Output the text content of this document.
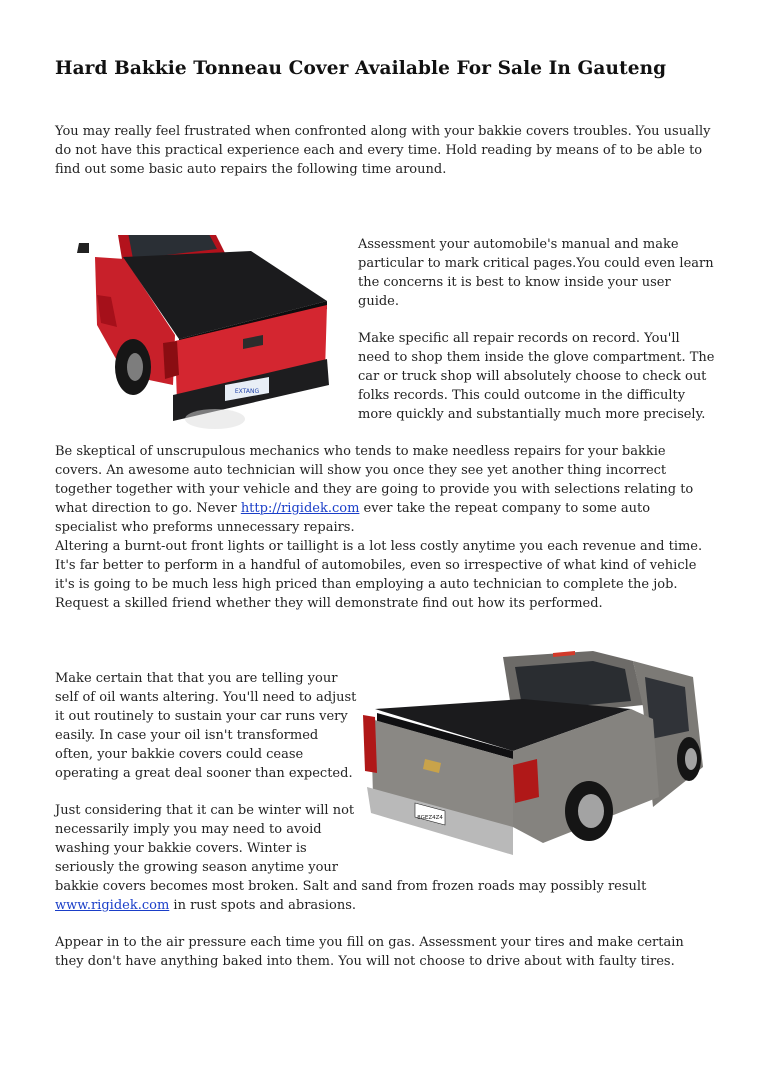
Hard Bakkie Tonneau Cover Available For Sale In Gauteng

You may really feel frustrated when confronted along with your bakkie covers troubles. You usually do not have this practical experience each and every time. Hold reading by means of to be able to find out some basic auto repairs the following time around.

EXTANG

Assessment your automobile's manual and make particular to mark critical pages.You could even learn the concerns it is best to know inside your user guide.

Make specific all repair records on record. You'll need to shop them inside the glove compartment. The car or truck shop will absolutely choose to check out folks records. This could outcome in the difficulty more quickly and substantially much more precisely.

Be skeptical of unscrupulous mechanics who tends to make needless repairs for your bakkie covers. An awesome auto technician will show you once they see yet another thing incorrect together together with your vehicle and they are going to provide you with selections relating to what direction to go. Never http://rigidek.com ever take the repeat company to some auto specialist who preforms unnecessary repairs.

Altering a burnt-out front lights or taillight is a lot less costly anytime you each revenue and time. It's far better to perform in a handful of automobiles, even so irrespective of what kind of vehicle it's is going to be much less high priced than employing a auto technician to complete the job. Request a skilled friend whether they will demonstrate find out how its performed.

8GEZ4Z4

Make certain that that you are telling your self of oil wants altering. You'll need to adjust it out routinely to sustain your car runs very easily. In case your oil isn't transformed often, your bakkie covers could cease operating a great deal sooner than expected.

Just considering that it can be winter will not necessarily imply you may need to avoid washing your bakkie covers. Winter is seriously the growing season anytime your bakkie covers becomes most broken. Salt and sand from frozen roads may possibly result www.rigidek.com in rust spots and abrasions.

Appear in to the air pressure each time you fill on gas. Assessment your tires and make certain they don't have anything baked into them. You will not choose to drive about with faulty tires.
